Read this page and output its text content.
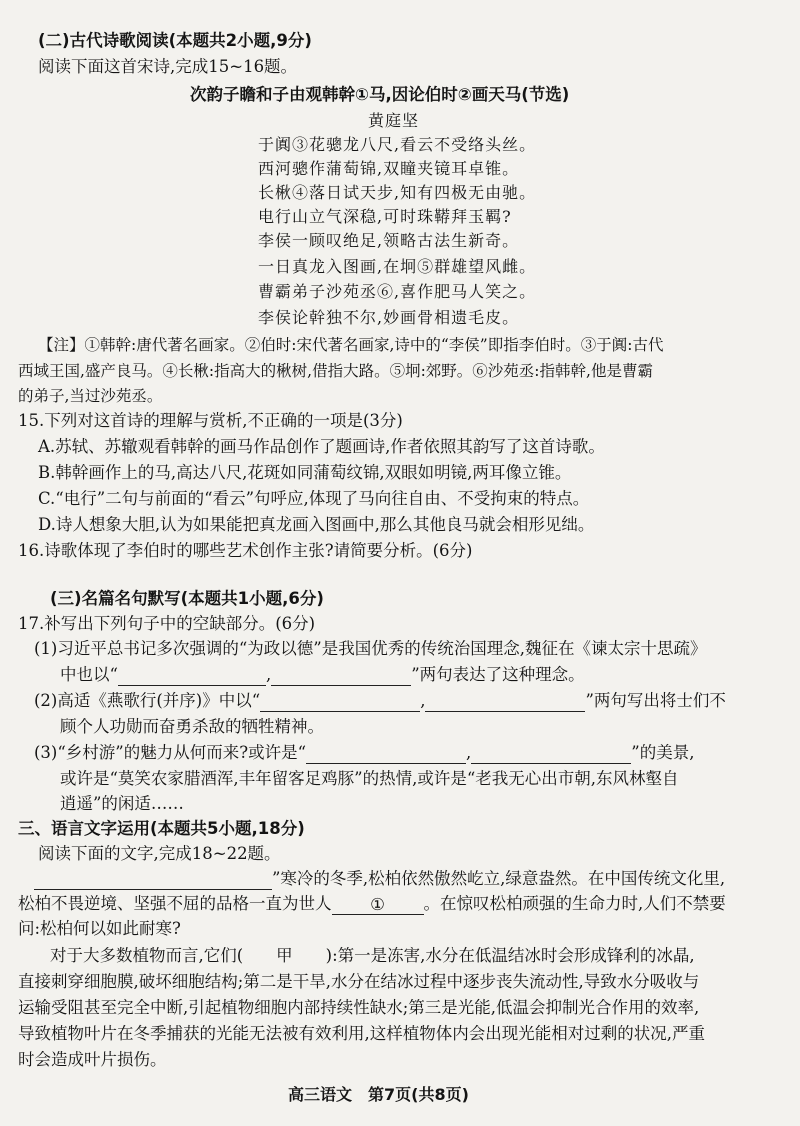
(二)古代诗歌阅读(本题共2小题,9分)
阅读下面这首宋诗,完成15~16题。
次韵子瞻和子由观韩幹①马,因论伯时②画天马(节选)
黄庭坚
于阗③花骢龙八尺,看云不受络头丝。
西河骢作蒲萄锦,双瞳夹镜耳卓锥。
长楸④落日试天步,知有四极无由驰。
电行山立气深稳,可时珠鞯拜玉羁?
李侯一顾叹绝足,领略古法生新奇。
一日真龙入图画,在坰⑤群雄望风雌。
曹霸弟子沙苑丞⑥,喜作肥马人笑之。
李侯论幹独不尔,妙画骨相遗毛皮。
【注】①韩幹:唐代著名画家。②伯时:宋代著名画家,诗中的“李侯”即指李伯时。③于阗:古代
西域王国,盛产良马。④长楸:指高大的楸树,借指大路。⑤坰:郊野。⑥沙苑丞:指韩幹,他是曹霸
的弟子,当过沙苑丞。
15.下列对这首诗的理解与赏析,不正确的一项是(3分)
A.苏轼、苏辙观看韩幹的画马作品创作了题画诗,作者依照其韵写了这首诗歌。
B.韩幹画作上的马,高达八尺,花斑如同蒲萄纹锦,双眼如明镜,两耳像立锥。
C.“电行”二句与前面的“看云”句呼应,体现了马向往自由、不受拘束的特点。
D.诗人想象大胆,认为如果能把真龙画入图画中,那么其他良马就会相形见绌。
16.诗歌体现了李伯时的哪些艺术创作主张?请简要分析。(6分)
(三)名篇名句默写(本题共1小题,6分)
17.补写出下列句子中的空缺部分。(6分)
(1)习近平总书记多次强调的“为政以德”是我国优秀的传统治国理念,魏征在《谏太宗十思疏》
中也以“	,	”两句表达了这种理念。
(2)高适《燕歌行(并序)》中以“	,	”两句写出将士们不
顾个人功勋而奋勇杀敌的牺牲精神。
(3)“乡村游”的魅力从何而来?或许是“	,	”的美景,
或许是“莫笑农家腊酒浑,丰年留客足鸡豚”的热情,或许是“老我无心出市朝,东风林壑自
逍遥”的闲适……
三、语言文字运用(本题共5小题,18分)
阅读下面的文字,完成18~22题。
”寒冷的冬季,松柏依然傲然屹立,绿意盎然。在中国传统文化里,
松柏不畏逆境、坚强不屈的品格一直为世人 ① 。在惊叹松柏顽强的生命力时,人们不禁要
问:松柏何以如此耐寒?
对于大多数植物而言,它们(　　甲　　):第一是冻害,水分在低温结冰时会形成锋利的冰晶,
直接刺穿细胞膜,破坏细胞结构;第二是干旱,水分在结冰过程中逐步丧失流动性,导致水分吸收与
运输受阻甚至完全中断,引起植物细胞内部持续性缺水;第三是光能,低温会抑制光合作用的效率,
导致植物叶片在冬季捕获的光能无法被有效利用,这样植物体内会出现光能相对过剩的状况,严重
时会造成叶片损伤。
高三语文　第7页(共8页)
